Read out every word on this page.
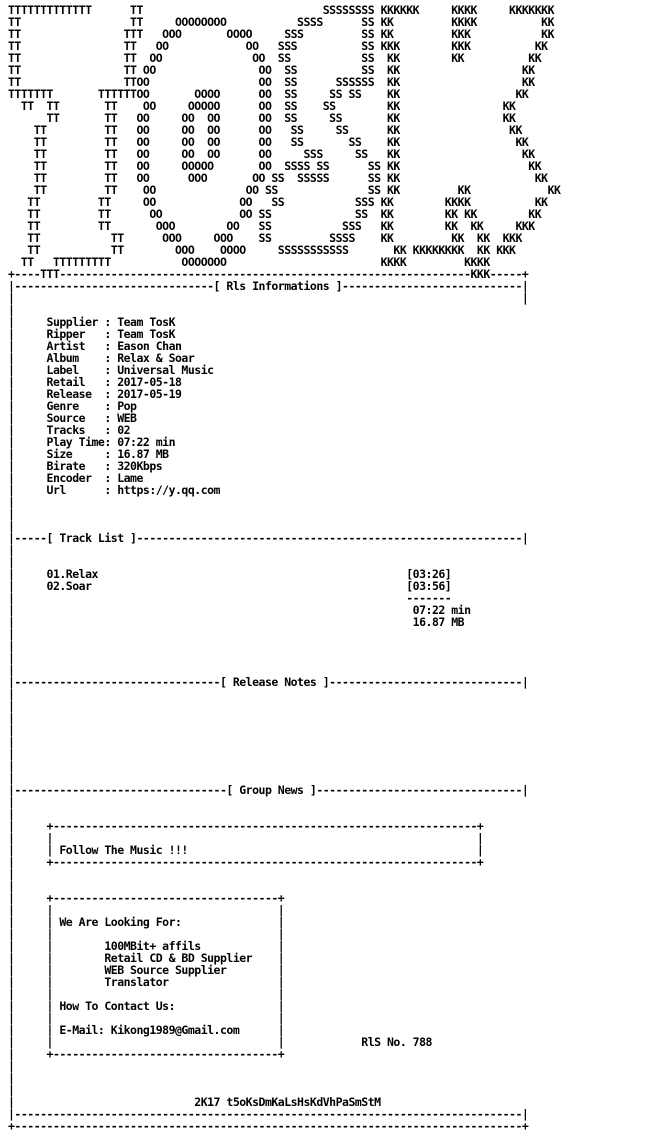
TTTTTTTTTTTTT      TT                            SSSSSSSS KKKKKK     KKKK     KKKKKKK
TT                 TT     OOOOOOOO           SSSS      SS KK         KKKK          KK
TT                TTT   OOO       OOOO     SSS         SS KK         KKK           KK
TT                TT   OO            OO   SSS          SS KKK        KKK          KK
TT                TT  OO              OO  SS           SS  KK        KK          KK
TT                TT OO                OO  SS          SS  KK                   KK
TT                TTOO                 OO  SS      SSSSSS  KK                   KK
TTTTTTT       TTTTTTOO       OOOO      OO  SS     SS SS    KK                  KK
TT  TT       TT    OO     OOOOO      OO  SS    SS        KK                KK
TT       TT   OO     OO  OO      OO  SS     SS       KK                KK
TT         TT   OO     OO  OO      OO   SS     SS      KK                 KK
TT         TT   OO     OO  OO      OO   SS       SS    KK                  KK
TT         TT   OO     OO  OO      OO     SSS     SS   KK                   KK
TT         TT   OO     OOOOO       OO  SSSS SS      SS KK                    KK
TT         TT   OO      OOO       OO SS  SSSSS      SS KK                     KK
TT         TT    OO              OO SS              SS KK         KK            KK
TT         TT     OO             OO   SS           SSS KK        KKKK          KK
TT         TT      OO            OO SS             SS  KK        KK KK        KK
TT         TT       OOO        OO   SS           SSS   KK        KK  KK     KKK
TT           TT      OOO     OOO    SS         SSSS    KK         KK  KK  KKK
TT           TT        OOO    OOOO     SSSSSSSSSSS       KK KKKKKKKK  KK KKK
TT   TTTTTTTTT           OOOOOOO                        KKKK         KKKK
+----TTT----------------------------------------------------------------KKK-----+
|-------------------------------[ Rls Informations ]----------------------------|
|                                                                               |
|
|     Supplier : Team TosK
|     Ripper   : Team TosK
|     Artist   : Eason Chan
|     Album    : Relax & Soar
|     Label    : Universal Music
|     Retail   : 2017-05-18
|     Release  : 2017-05-19
|     Genre    : Pop
|     Source   : WEB
|     Tracks   : 02
|     Play Time: 07:22 min
|     Size     : 16.87 MB
|     Birate   : 320Kbps
|     Encoder  : Lame
|     Url      : https://y.qq.com
|
|
|
|-----[ Track List ]------------------------------------------------------------|
|
|
|     01.Relax                                                [03:26]
|     02.Soar                                                 [03:56]
|                                                             -------
|                                                              07:22 min
|                                                              16.87 MB
|
|
|
|
|--------------------------------[ Release Notes ]------------------------------|
|
|
|
|
|
|
|
|
|---------------------------------[ Group News ]--------------------------------|
|
|
|     +------------------------------------------------------------------+
|     |                                                                  |
|     | Follow The Music !!!                                             |
|     +------------------------------------------------------------------+
|
|
|     +-----------------------------------+
|     |                                   |
|     | We Are Looking For:               |
|     |                                   |
|     |        100MBit+ affils            |
|     |        Retail CD & BD Supplier    |
|     |        WEB Source Supplier        |
|     |        Translator                 |
|     |                                   |
|     | How To Contact Us:                |
|     |                                   |
|     | E-Mail: Kikong1989@Gmail.com      |
|     |                                   |            RlS No. 788
|     +-----------------------------------+
|
|
|
|                            2K17 t5oKsDmKaLsHsKdVhPaSmStM
|-------------------------------------------------------------------------------|
+-------------------------------------------------------------------------------+
